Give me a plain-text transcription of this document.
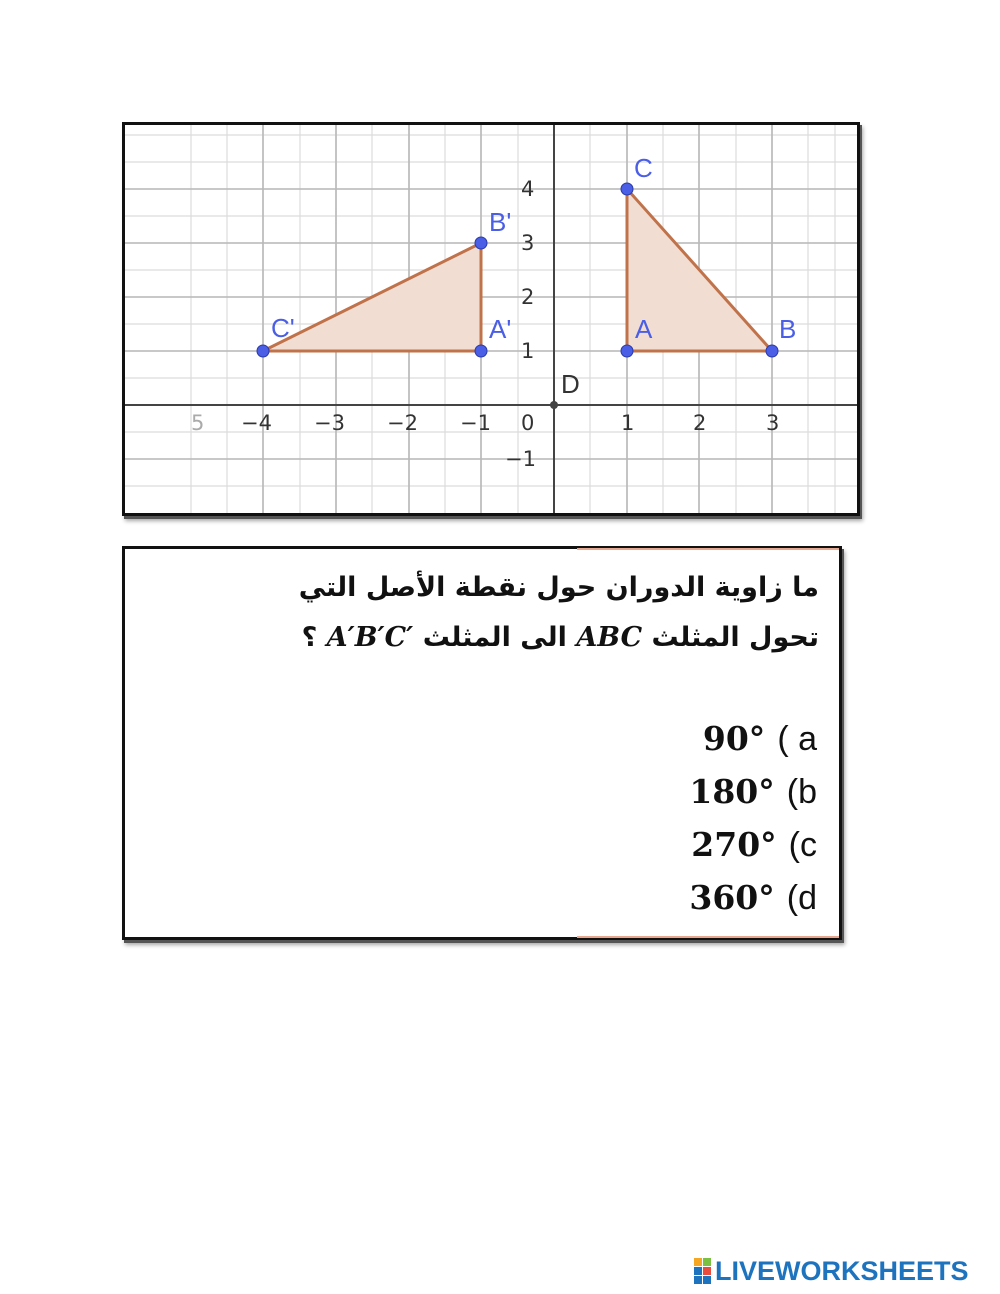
5 −4 −3 −2 −1 0	1	2	3
4
3
2
1
−1
A	B
C
A'
B'
C'
D
ما زاوية الدوران حول نقطة الأصل التي
تحول المثلث ABC الى المثلث A′B′C′ ؟
90° ( a
180° (b
270° (c
360° (d
LIVEWORKSHEETS
